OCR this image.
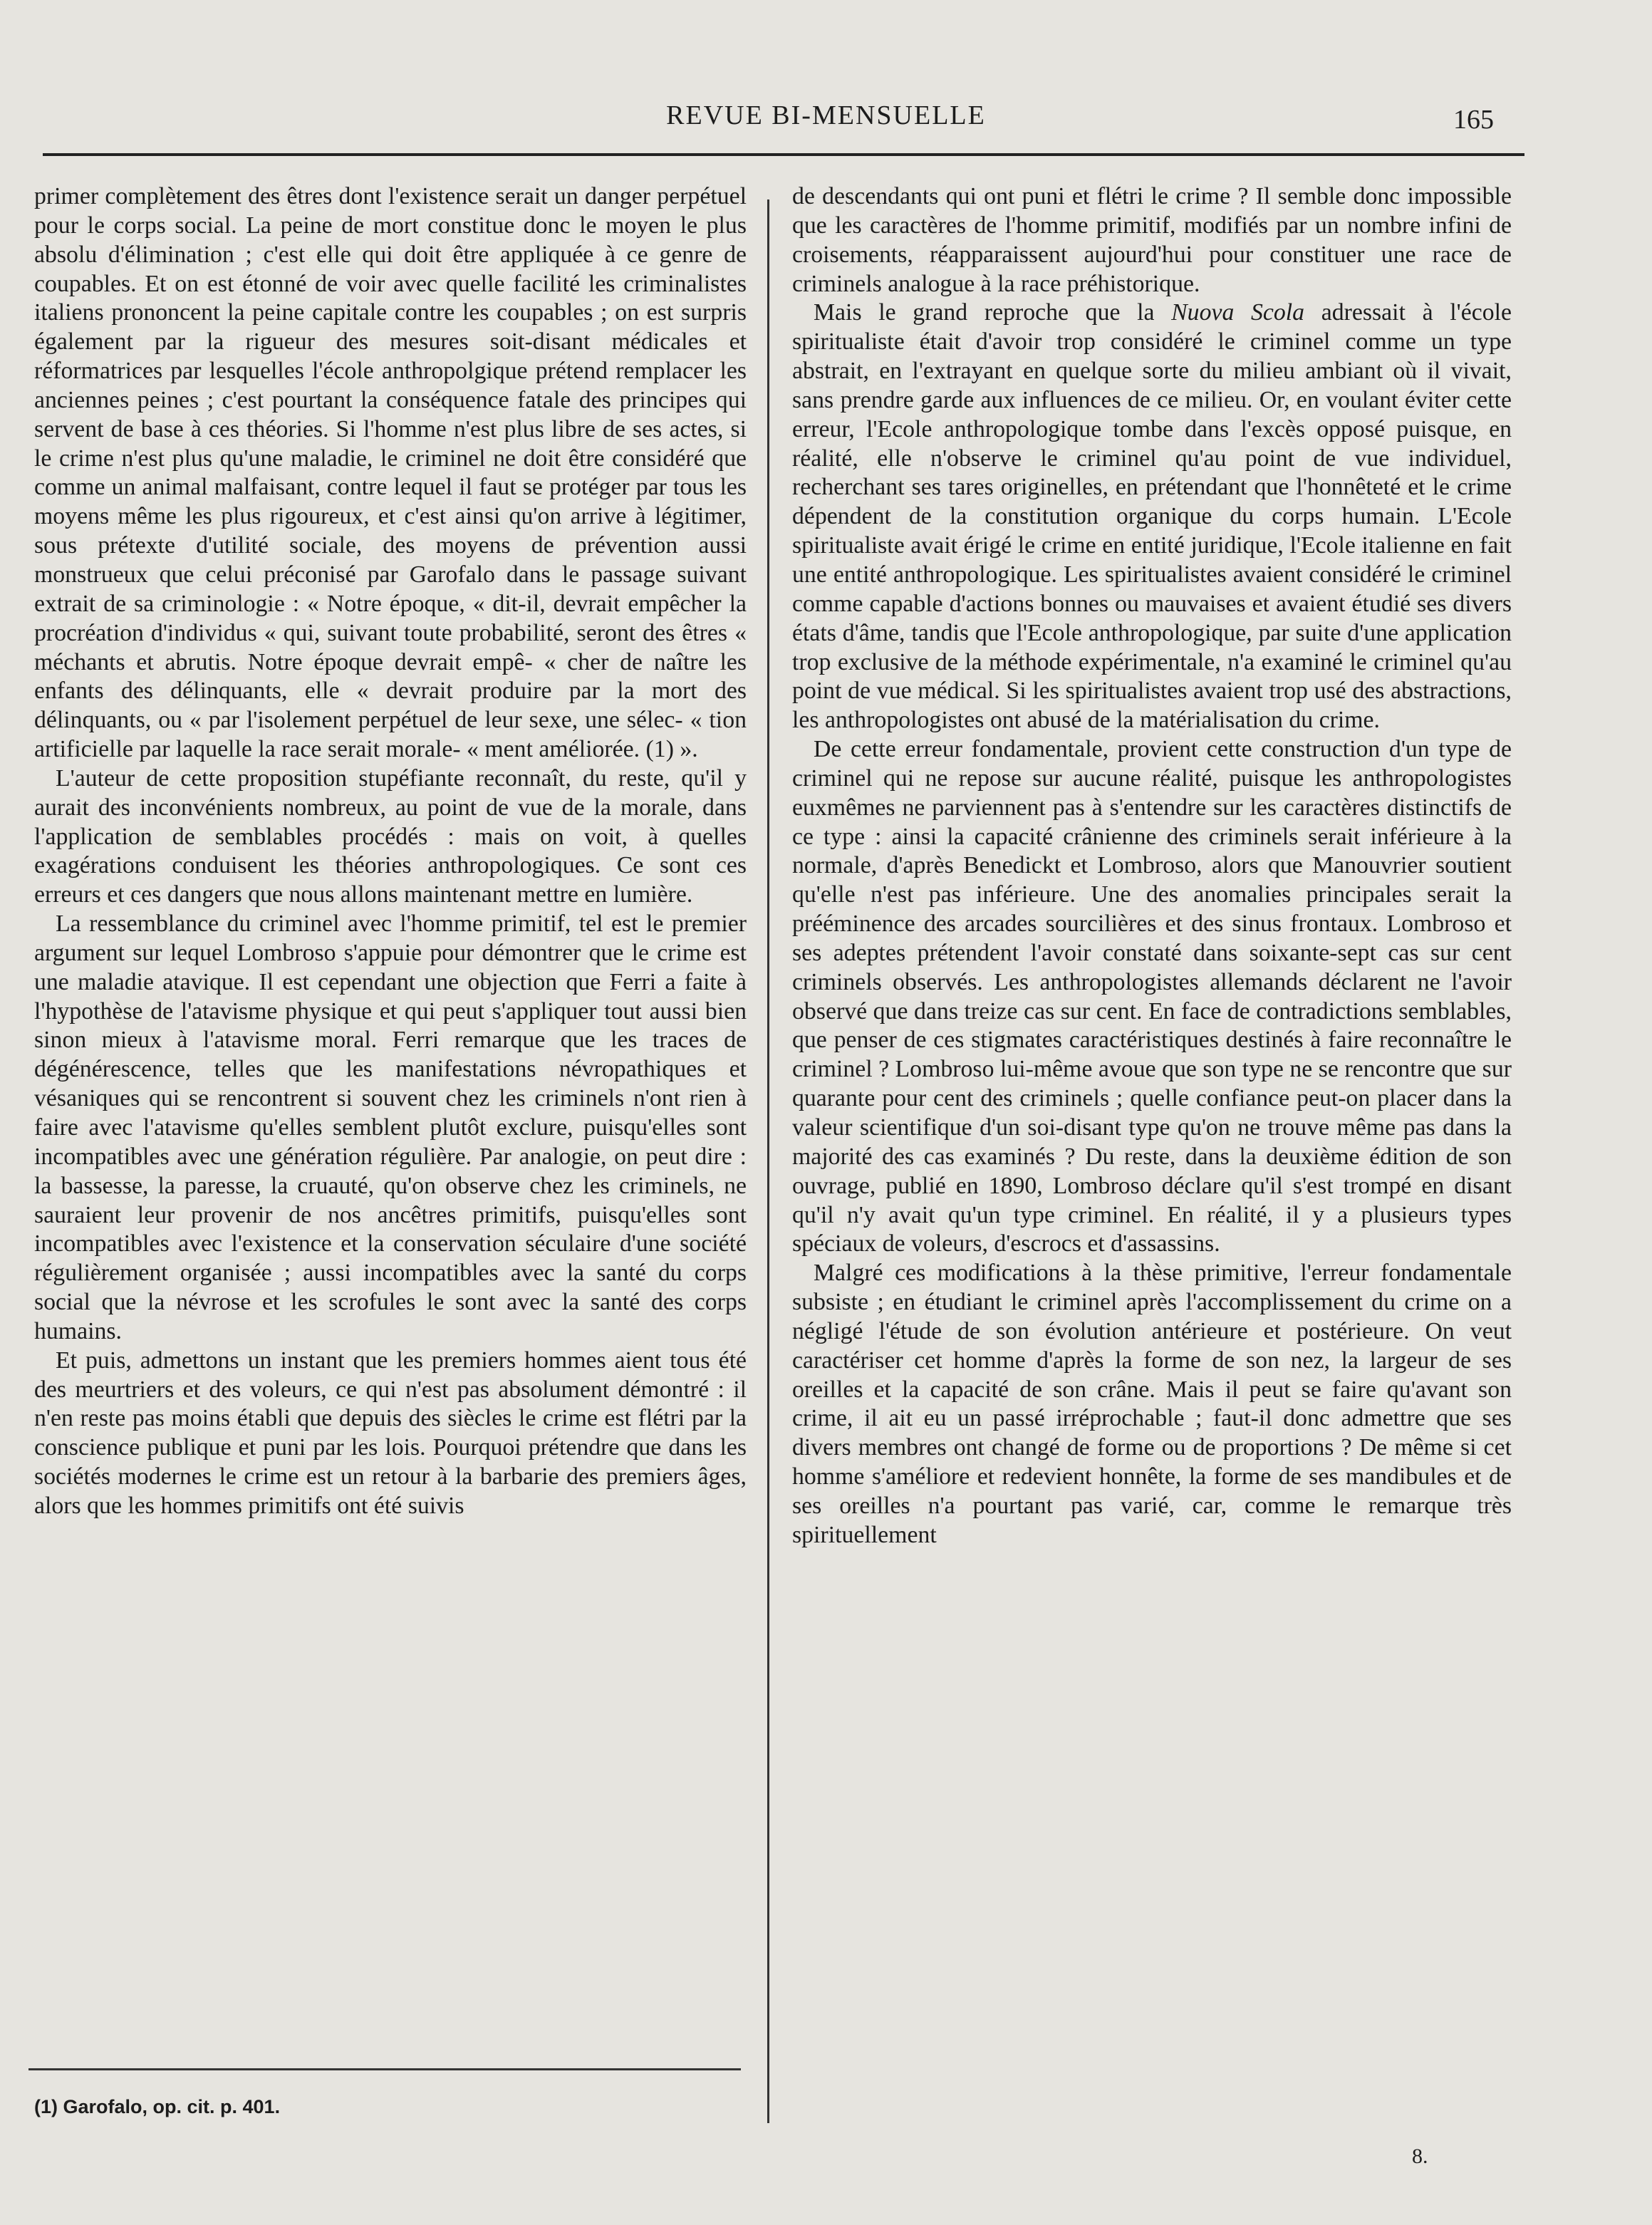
REVUE BI-MENSUELLE	165

primer complètement des êtres dont l'existence serait un danger perpétuel pour le corps social. La peine de mort constitue donc le moyen le plus absolu d'élimination ; c'est elle qui doit être appliquée à ce genre de coupables. Et on est étonné de voir avec quelle facilité les criminalistes italiens prononcent la peine capitale contre les coupables ; on est surpris également par la rigueur des mesures soit-disant médicales et réformatrices par lesquelles l'école anthropolgique prétend remplacer les anciennes peines ; c'est pourtant la conséquence fatale des principes qui servent de base à ces théories. Si l'homme n'est plus libre de ses actes, si le crime n'est plus qu'une maladie, le criminel ne doit être considéré que comme un animal malfaisant, contre lequel il faut se protéger par tous les moyens même les plus rigoureux, et c'est ainsi qu'on arrive à légitimer, sous prétexte d'utilité sociale, des moyens de prévention aussi monstrueux que celui préconisé par Garofalo dans le passage suivant extrait de sa criminologie : « Notre époque, « dit-il, devrait empêcher la procréation d'individus « qui, suivant toute probabilité, seront des êtres « méchants et abrutis. Notre époque devrait empê- « cher de naître les enfants des délinquants, elle « devrait produire par la mort des délinquants, ou « par l'isolement perpétuel de leur sexe, une sélec- « tion artificielle par laquelle la race serait morale- « ment améliorée. (1) ».

L'auteur de cette proposition stupéfiante reconnaît, du reste, qu'il y aurait des inconvénients nombreux, au point de vue de la morale, dans l'application de semblables procédés : mais on voit, à quelles exagérations conduisent les théories anthropologiques. Ce sont ces erreurs et ces dangers que nous allons maintenant mettre en lumière.

La ressemblance du criminel avec l'homme primitif, tel est le premier argument sur lequel Lombroso s'appuie pour démontrer que le crime est une maladie atavique. Il est cependant une objection que Ferri a faite à l'hypothèse de l'atavisme physique et qui peut s'appliquer tout aussi bien sinon mieux à l'atavisme moral. Ferri remarque que les traces de dégénérescence, telles que les manifestations névropathiques et vésaniques qui se rencontrent si souvent chez les criminels n'ont rien à faire avec l'atavisme qu'elles semblent plutôt exclure, puisqu'elles sont incompatibles avec une génération régulière. Par analogie, on peut dire : la bassesse, la paresse, la cruauté, qu'on observe chez les criminels, ne sauraient leur provenir de nos ancêtres primitifs, puisqu'elles sont incompatibles avec l'existence et la conservation séculaire d'une société régulièrement organisée ; aussi incompatibles avec la santé du corps social que la névrose et les scrofules le sont avec la santé des corps humains.

Et puis, admettons un instant que les premiers hommes aient tous été des meurtriers et des voleurs, ce qui n'est pas absolument démontré : il n'en reste pas moins établi que depuis des siècles le crime est flétri par la conscience publique et puni par les lois. Pourquoi prétendre que dans les sociétés modernes le crime est un retour à la barbarie des premiers âges, alors que les hommes primitifs ont été suivis

de descendants qui ont puni et flétri le crime ? Il semble donc impossible que les caractères de l'homme primitif, modifiés par un nombre infini de croisements, réapparaissent aujourd'hui pour constituer une race de criminels analogue à la race préhistorique.

Mais le grand reproche que la Nuova Scola adressait à l'école spiritualiste était d'avoir trop considéré le criminel comme un type abstrait, en l'extrayant en quelque sorte du milieu ambiant où il vivait, sans prendre garde aux influences de ce milieu. Or, en voulant éviter cette erreur, l'Ecole anthropologique tombe dans l'excès opposé puisque, en réalité, elle n'observe le criminel qu'au point de vue individuel, recherchant ses tares originelles, en prétendant que l'honnêteté et le crime dépendent de la constitution organique du corps humain. L'Ecole spiritualiste avait érigé le crime en entité juridique, l'Ecole italienne en fait une entité anthropologique. Les spiritualistes avaient considéré le criminel comme capable d'actions bonnes ou mauvaises et avaient étudié ses divers états d'âme, tandis que l'Ecole anthropologique, par suite d'une application trop exclusive de la méthode expérimentale, n'a examiné le criminel qu'au point de vue médical. Si les spiritualistes avaient trop usé des abstractions, les anthropologistes ont abusé de la matérialisation du crime.

De cette erreur fondamentale, provient cette construction d'un type de criminel qui ne repose sur aucune réalité, puisque les anthropologistes euxmêmes ne parviennent pas à s'entendre sur les caractères distinctifs de ce type : ainsi la capacité crânienne des criminels serait inférieure à la normale, d'après Benedickt et Lombroso, alors que Manouvrier soutient qu'elle n'est pas inférieure. Une des anomalies principales serait la prééminence des arcades sourcilières et des sinus frontaux. Lombroso et ses adeptes prétendent l'avoir constaté dans soixante-sept cas sur cent criminels observés. Les anthropologistes allemands déclarent ne l'avoir observé que dans treize cas sur cent. En face de contradictions semblables, que penser de ces stigmates caractéristiques destinés à faire reconnaître le criminel ? Lombroso lui-même avoue que son type ne se rencontre que sur quarante pour cent des criminels ; quelle confiance peut-on placer dans la valeur scientifique d'un soi-disant type qu'on ne trouve même pas dans la majorité des cas examinés ? Du reste, dans la deuxième édition de son ouvrage, publié en 1890, Lombroso déclare qu'il s'est trompé en disant qu'il n'y avait qu'un type criminel. En réalité, il y a plusieurs types spéciaux de voleurs, d'escrocs et d'assassins.

Malgré ces modifications à la thèse primitive, l'erreur fondamentale subsiste ; en étudiant le criminel après l'accomplissement du crime on a négligé l'étude de son évolution antérieure et postérieure. On veut caractériser cet homme d'après la forme de son nez, la largeur de ses oreilles et la capacité de son crâne. Mais il peut se faire qu'avant son crime, il ait eu un passé irréprochable ; faut-il donc admettre que ses divers membres ont changé de forme ou de proportions ? De même si cet homme s'améliore et redevient honnête, la forme de ses mandibules et de ses oreilles n'a pourtant pas varié, car, comme le remarque très spirituellement

(1) Garofalo, op. cit. p. 401.
8.
